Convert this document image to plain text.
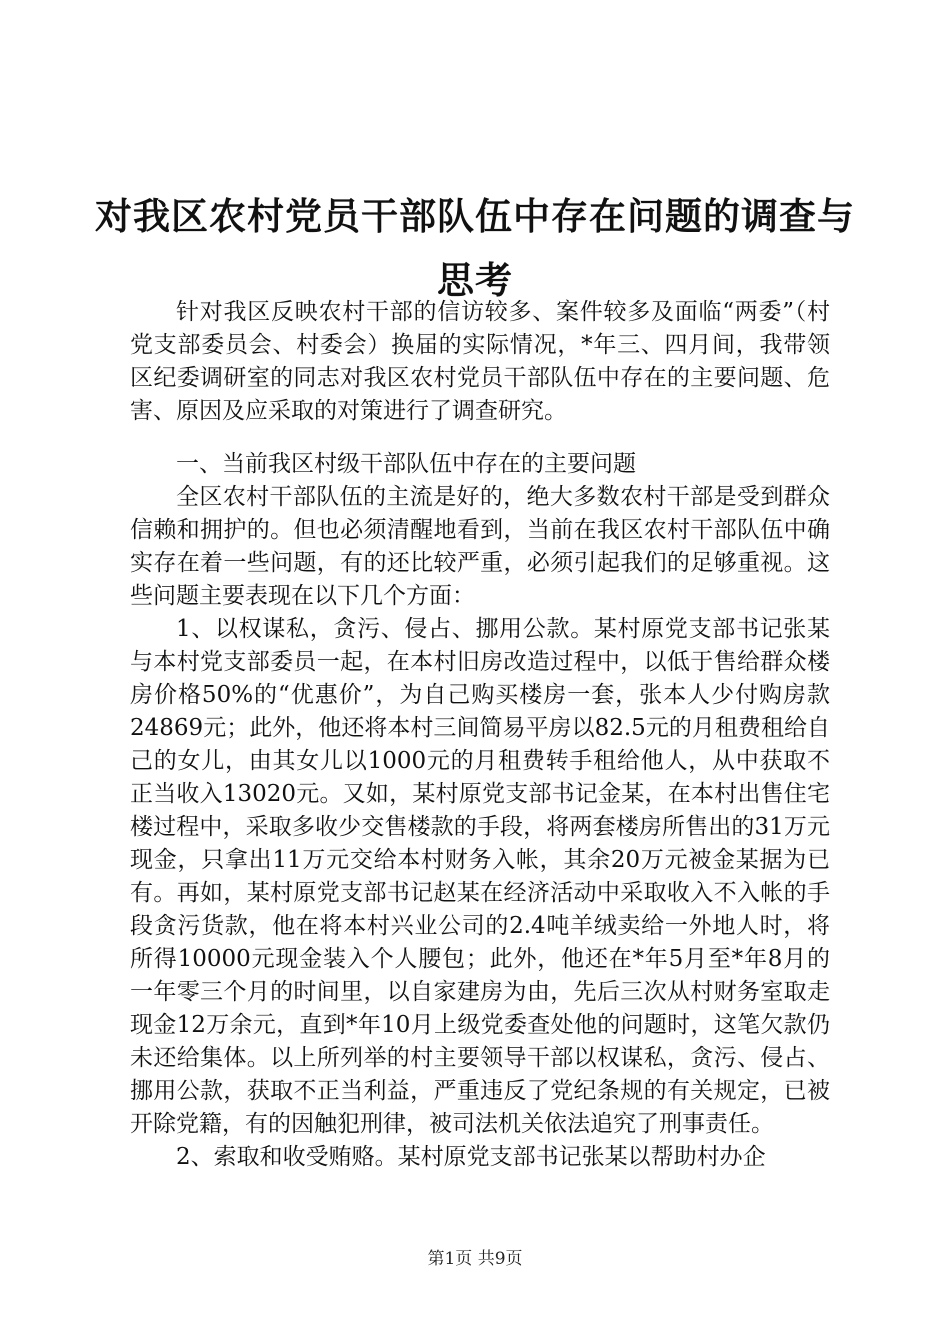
对我区农村党员干部队伍中存在问题的调查与
思考

针对我区反映农村干部的信访较多、案件较多及面临“两委”（村党支部委员会、村委会）换届的实际情况，*年三、四月间，我带领区纪委调研室的同志对我区农村党员干部队伍中存在的主要问题、危害、原因及应采取的对策进行了调查研究。

一、当前我区村级干部队伍中存在的主要问题

全区农村干部队伍的主流是好的，绝大多数农村干部是受到群众信赖和拥护的。但也必须清醒地看到，当前在我区农村干部队伍中确实存在着一些问题，有的还比较严重，必须引起我们的足够重视。这些问题主要表现在以下几个方面：

1、以权谋私，贪污、侵占、挪用公款。某村原党支部书记张某与本村党支部委员一起，在本村旧房改造过程中，以低于售给群众楼房价格50%的“优惠价”，为自己购买楼房一套，张本人少付购房款24869元；此外，他还将本村三间简易平房以82.5元的月租费租给自己的女儿，由其女儿以1000元的月租费转手租给他人，从中获取不正当收入13020元。又如，某村原党支部书记金某，在本村出售住宅楼过程中，采取多收少交售楼款的手段，将两套楼房所售出的31万元现金，只拿出11万元交给本村财务入帐，其余20万元被金某据为已有。再如，某村原党支部书记赵某在经济活动中采取收入不入帐的手段贪污货款，他在将本村兴业公司的2.4吨羊绒卖给一外地人时，将所得10000元现金装入个人腰包；此外，他还在*年5月至*年8月的一年零三个月的时间里，以自家建房为由，先后三次从村财务室取走现金12万余元，直到*年10月上级党委查处他的问题时，这笔欠款仍未还给集体。以上所列举的村主要领导干部以权谋私，贪污、侵占、挪用公款，获取不正当利益，严重违反了党纪条规的有关规定，已被开除党籍，有的因触犯刑律，被司法机关依法追究了刑事责任。

2、索取和收受贿赂。某村原党支部书记张某以帮助村办企

第1页 共9页
